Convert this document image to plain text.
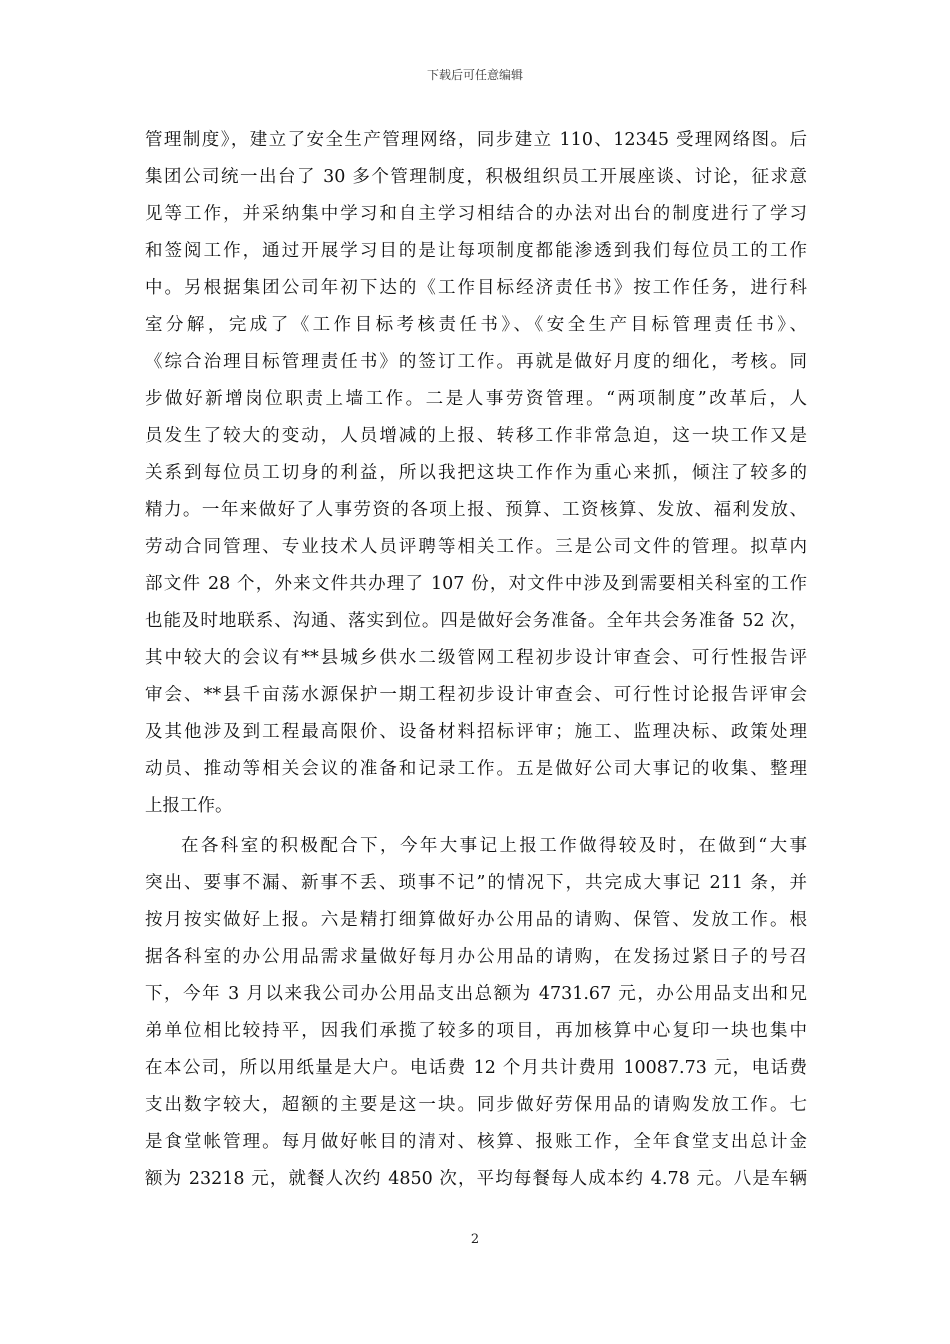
下载后可任意编辑
管理制度》，建立了安全生产管理网络，同步建立 110、12345 受理网络图。后
集团公司统一出台了 30 多个管理制度，积极组织员工开展座谈、讨论，征求意
见等工作，并采纳集中学习和自主学习相结合的办法对出台的制度进行了学习
和签阅工作，通过开展学习目的是让每项制度都能渗透到我们每位员工的工作
中。另根据集团公司年初下达的《工作目标经济责任书》按工作任务，进行科
室分解，完成了《工作目标考核责任书》、《安全生产目标管理责任书》、
《综合治理目标管理责任书》的签订工作。再就是做好月度的细化，考核。同
步做好新增岗位职责上墙工作。二是人事劳资管理。“两项制度”改革后，人
员发生了较大的变动，人员增减的上报、转移工作非常急迫，这一块工作又是
关系到每位员工切身的利益，所以我把这块工作作为重心来抓，倾注了较多的
精力。一年来做好了人事劳资的各项上报、预算、工资核算、发放、福利发放、
劳动合同管理、专业技术人员评聘等相关工作。三是公司文件的管理。拟草内
部文件 28 个，外来文件共办理了 107 份，对文件中涉及到需要相关科室的工作
也能及时地联系、沟通、落实到位。四是做好会务准备。全年共会务准备 52 次，
其中较大的会议有**县城乡供水二级管网工程初步设计审查会、可行性报告评
审会、**县千亩荡水源保护一期工程初步设计审查会、可行性讨论报告评审会
及其他涉及到工程最高限价、设备材料招标评审；施工、监理决标、政策处理
动员、推动等相关会议的准备和记录工作。五是做好公司大事记的收集、整理
上报工作。
在各科室的积极配合下，今年大事记上报工作做得较及时，在做到“大事
突出、要事不漏、新事不丢、琐事不记”的情况下，共完成大事记 211 条，并
按月按实做好上报。六是精打细算做好办公用品的请购、保管、发放工作。根
据各科室的办公用品需求量做好每月办公用品的请购，在发扬过紧日子的号召
下，今年 3 月以来我公司办公用品支出总额为 4731.67 元，办公用品支出和兄
弟单位相比较持平，因我们承揽了较多的项目，再加核算中心复印一块也集中
在本公司，所以用纸量是大户。电话费 12 个月共计费用 10087.73 元，电话费
支出数字较大，超额的主要是这一块。同步做好劳保用品的请购发放工作。七
是食堂帐管理。每月做好帐目的清对、核算、报账工作，全年食堂支出总计金
额为 23218 元，就餐人次约 4850 次，平均每餐每人成本约 4.78 元。八是车辆
2
